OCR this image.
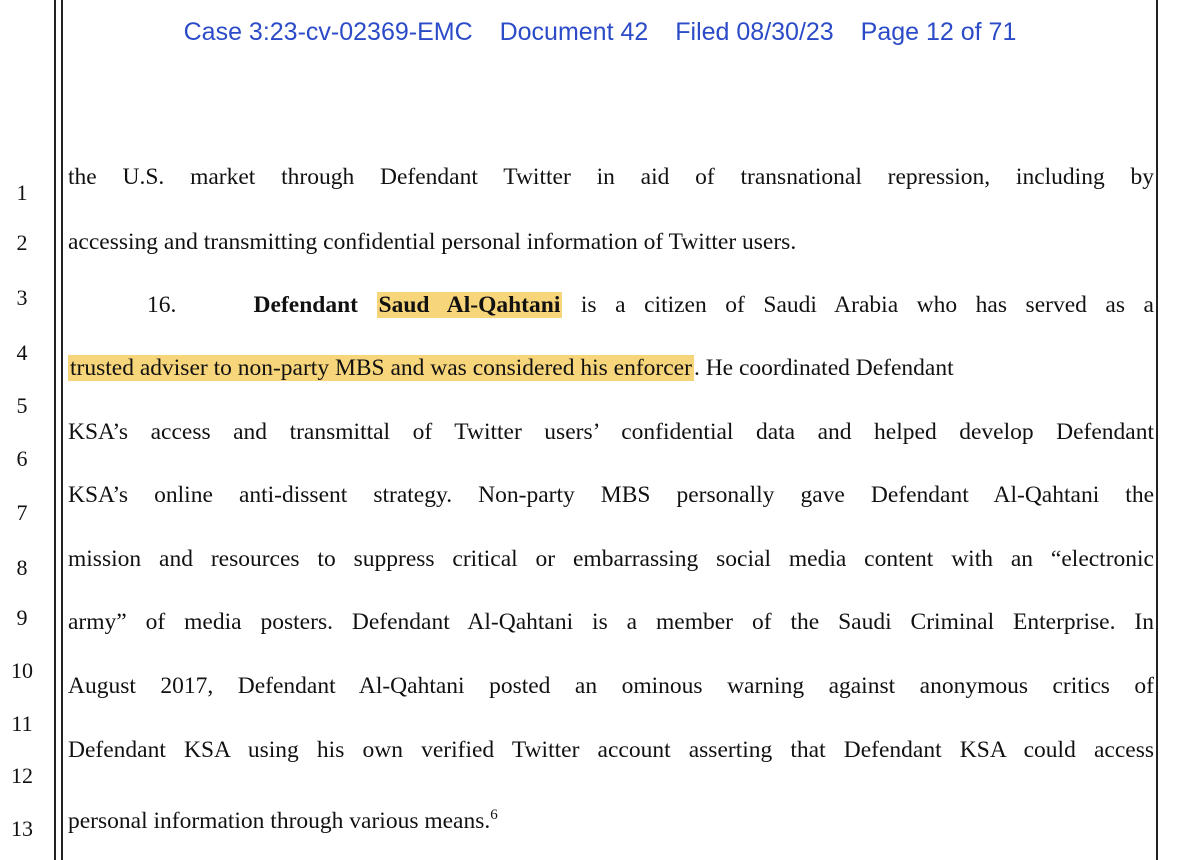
Case 3:23-cv-02369-EMC Document 42 Filed 08/30/23 Page 12 of 71
1
2
3
4
5
6
7
8
9
10
11
12
13
the U.S. market through Defendant Twitter in aid of transnational repression, including by
accessing and transmitting confidential personal information of Twitter users.
16.	Defendant Saud Al-Qahtani is a citizen of Saudi Arabia who has served as a
trusted adviser to non-party MBS and was considered his enforcer. He coordinated Defendant
KSA’s access and transmittal of Twitter users’ confidential data and helped develop Defendant
KSA’s online anti-dissent strategy. Non-party MBS personally gave Defendant Al-Qahtani the
mission and resources to suppress critical or embarrassing social media content with an “electronic
army” of media posters. Defendant Al-Qahtani is a member of the Saudi Criminal Enterprise. In
August 2017, Defendant Al-Qahtani posted an ominous warning against anonymous critics of
Defendant KSA using his own verified Twitter account asserting that Defendant KSA could access
personal information through various means.$^6$
